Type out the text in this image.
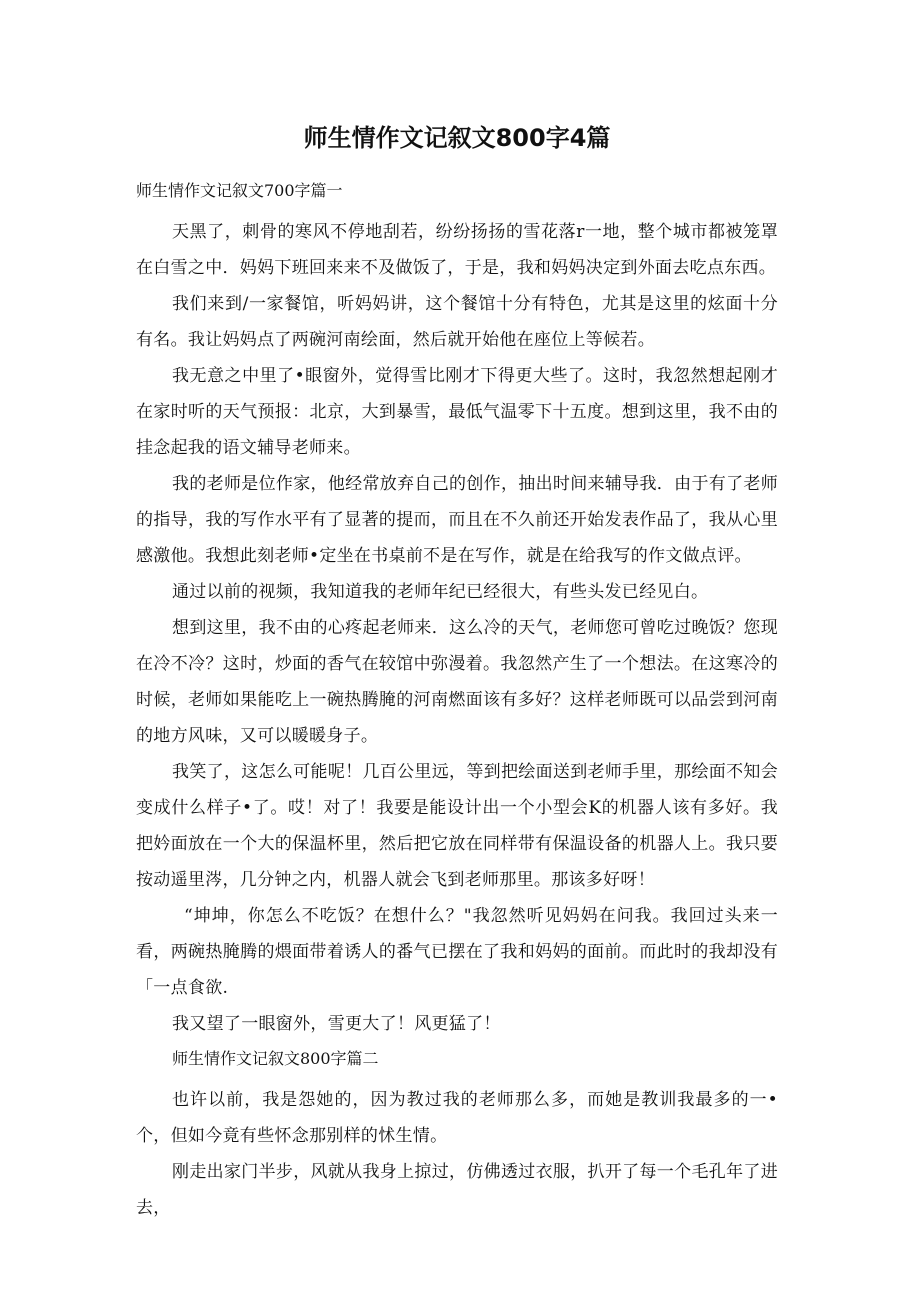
师生情作文记叙文800字4篇
师生情作文记叙文700字篇一

天黑了，刺骨的寒风不停地刮若，纷纷扬扬的雪花落r一地，整个城市都被笼罩在白雪之中．妈妈下班回来来不及做饭了，于是，我和妈妈决定到外面去吃点东西。

我们来到/一家餐馆，听妈妈讲，这个餐馆十分有特色，尤其是这里的炫面十分有名。我让妈妈点了两碗河南绘面，然后就开始他在座位上等候若。

我无意之中里了•眼窗外，觉得雪比刚才下得更大些了。这时，我忽然想起刚才在家时听的天气预报：北京，大到暴雪，最低气温零下十五度。想到这里，我不由的挂念起我的语文辅导老师来。

我的老师是位作家，他经常放弃自己的创作，抽出时间来辅导我．由于有了老师的指导，我的写作水平有了显著的提而，而且在不久前还开始发表作品了，我从心里感激他。我想此刻老师•定坐在书桌前不是在写作，就是在给我写的作文做点评。

通过以前的视频，我知道我的老师年纪已经很大，有些头发已经见白。

想到这里，我不由的心疼起老师来．这么冷的天气，老师您可曾吃过晚饭？您现在冷不冷？这时，炒面的香气在较馆中弥漫着。我忽然产生了一个想法。在这寒冷的时候，老师如果能吃上一碗热腾腌的河南燃面该有多好？这样老师既可以品尝到河南的地方风味，又可以暖暖身子。

我笑了，这怎么可能呢！几百公里远，等到把绘面送到老师手里，那绘面不知会变成什么样子•了。哎！对了！我要是能设计出一个小型会K的机器人该有多好。我把妗面放在一个大的保温杯里，然后把它放在同样带有保温设备的机器人上。我只要按动遥里涔，几分钟之内，机器人就会飞到老师那里。那该多好呀！

“坤坤，你怎么不吃饭？在想什么？"我忽然听见妈妈在问我。我回过头来一看，两碗热腌腾的煨面带着诱人的番气已摆在了我和妈妈的面前。而此时的我却没有「一点食欲.

我又望了一眼窗外，雪更大了！风更猛了！

师生情作文记叙文800字篇二

也许以前，我是怨她的，因为教过我的老师那么多，而她是教训我最多的一•个，但如今竟有些怀念那别样的怵生情。

刚走出家门半步，风就从我身上掠过，仿佛透过衣服，扒开了每一个毛孔年了进去，
